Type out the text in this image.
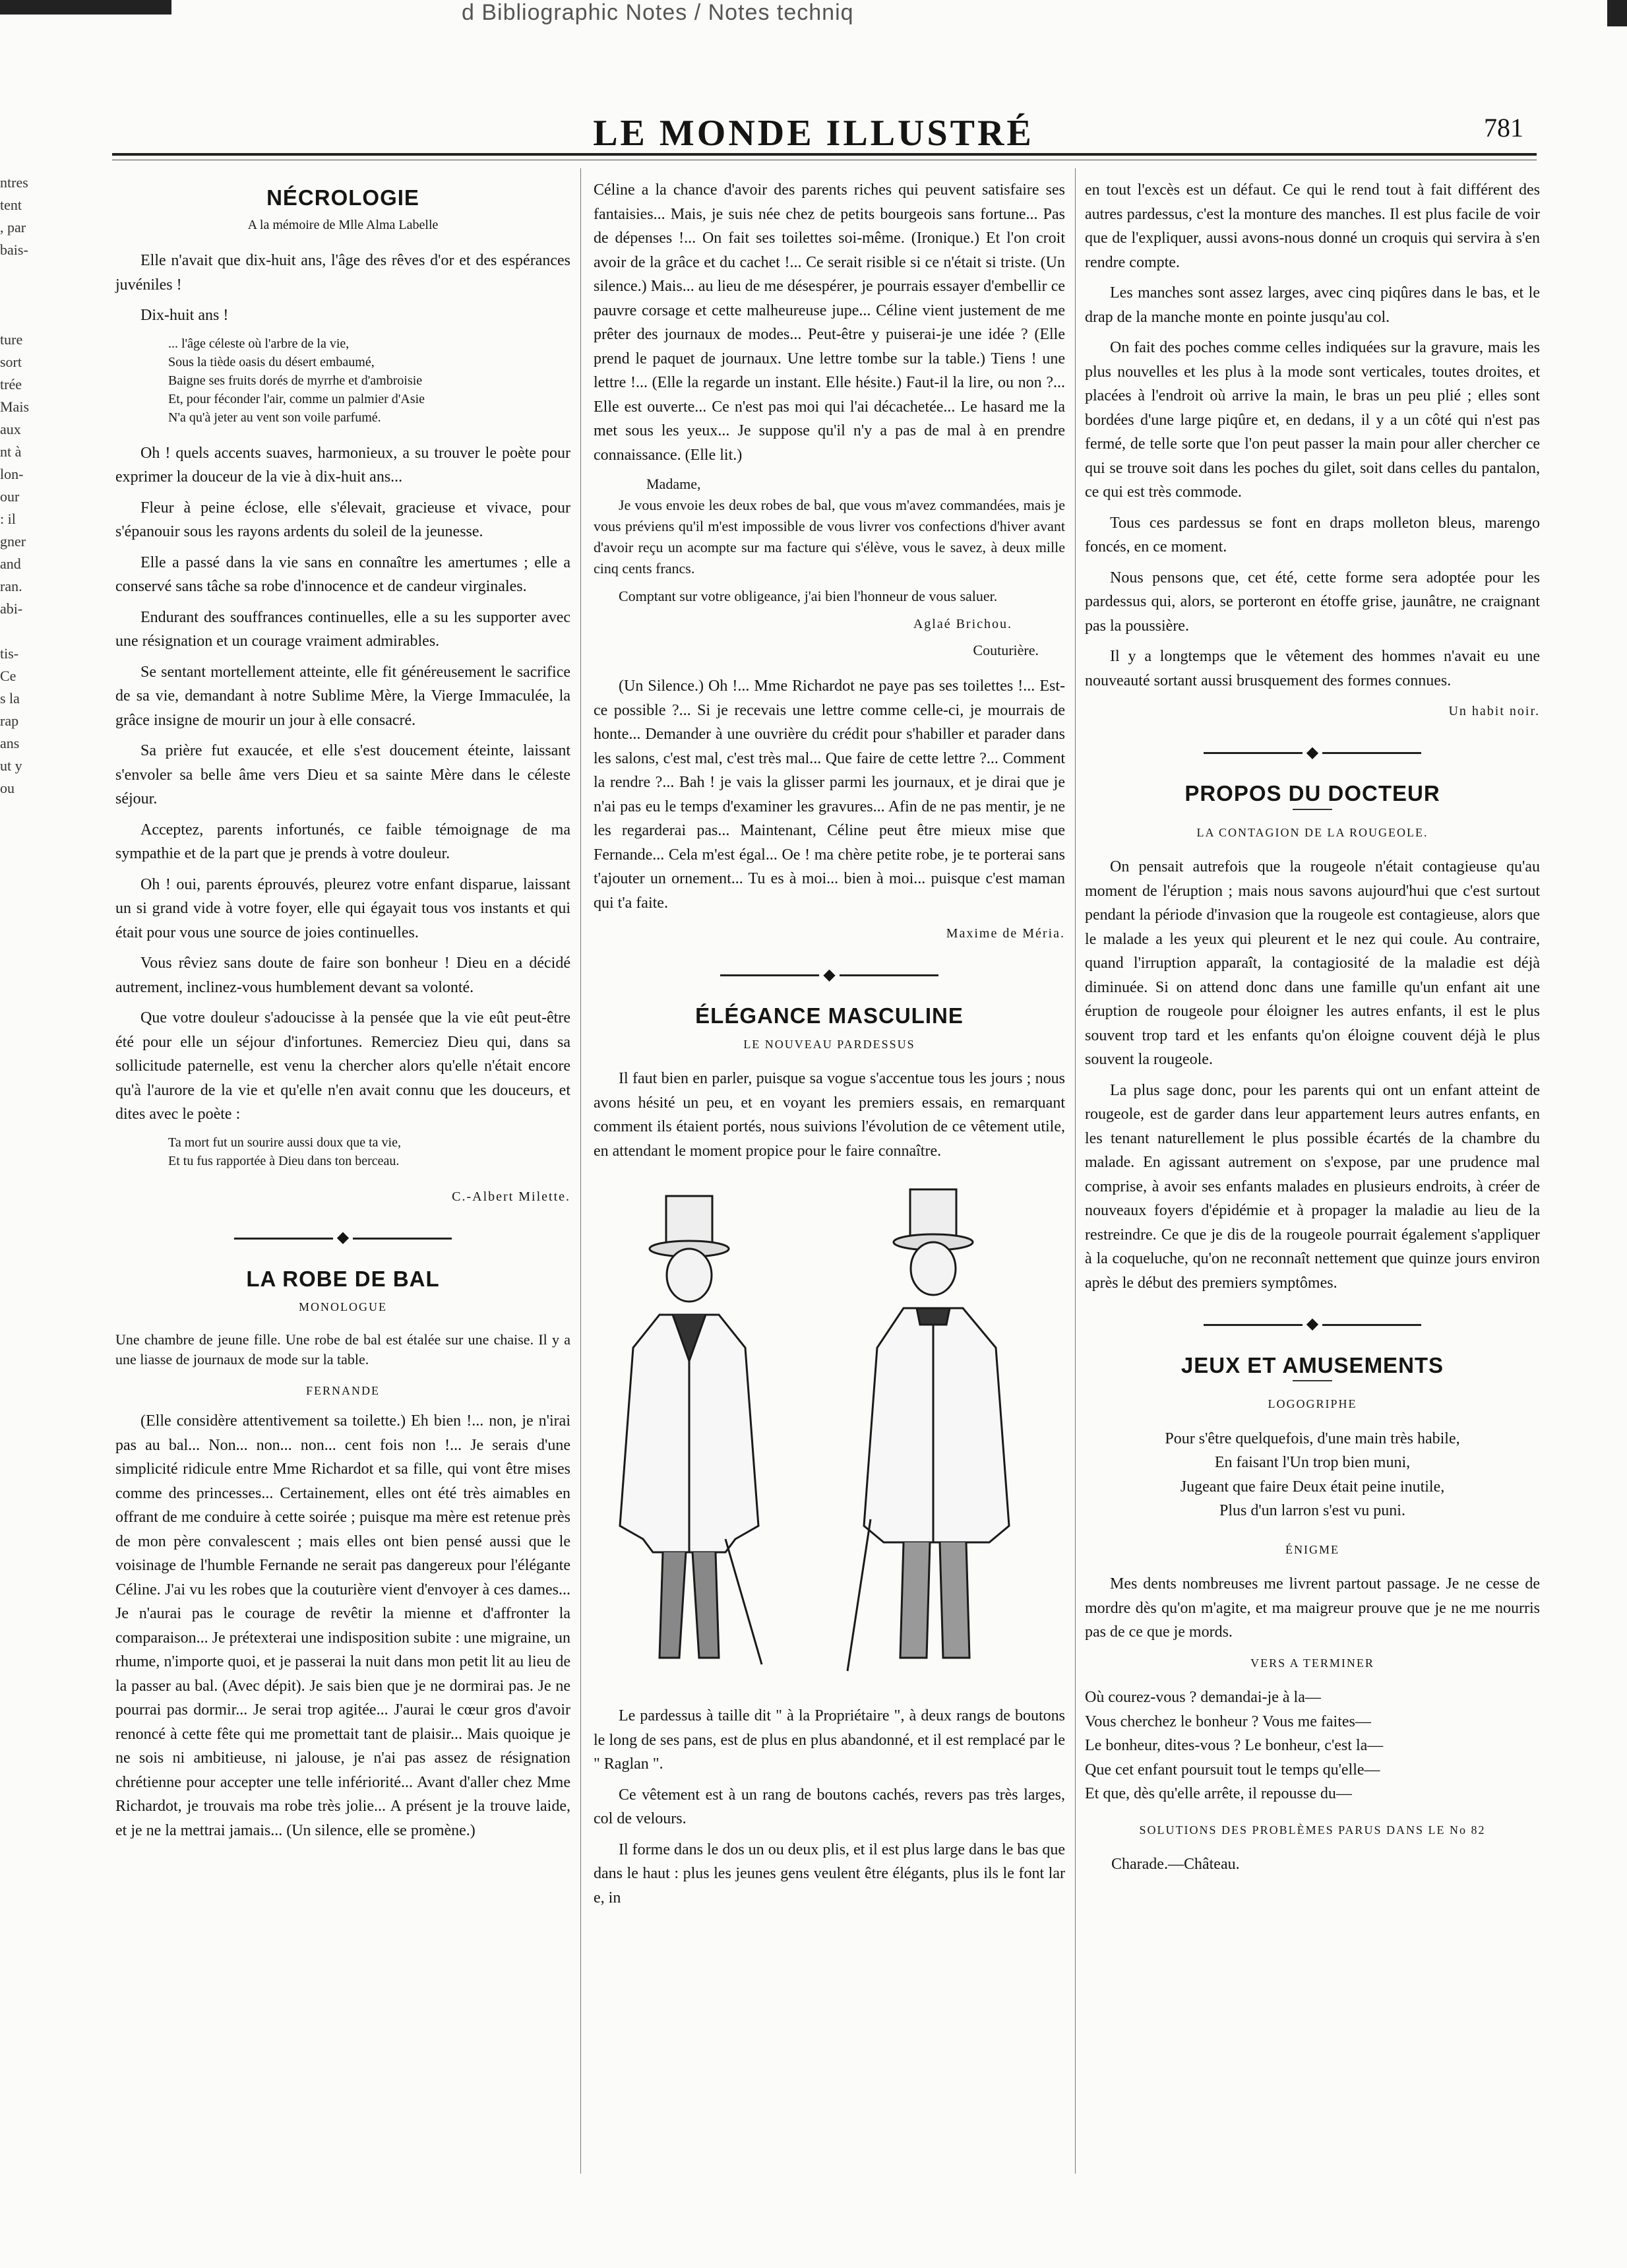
d Bibliographic Notes / Notes techniq
ntres
tent
, par
bais-

ture
sort
trée
Mais
aux
nt à
lon-
our
: il
gner
and
ran.
abi-

tis-
Ce
s la
rap
ans
ut y
ou
LE MONDE ILLUSTRÉ	781
NÉCROLOGIE
A la mémoire de Mlle Alma Labelle

Elle n'avait que dix-huit ans, l'âge des rêves d'or et des espérances juvéniles !

Dix-huit ans !

... l'âge céleste où l'arbre de la vie,
Sous la tiède oasis du désert embaumé,
Baigne ses fruits dorés de myrrhe et d'ambroisie
Et, pour féconder l'air, comme un palmier d'Asie
N'a qu'à jeter au vent son voile parfumé.

Oh ! quels accents suaves, harmonieux, a su trouver le poète pour exprimer la douceur de la vie à dix-huit ans...

Fleur à peine éclose, elle s'élevait, gracieuse et vivace, pour s'épanouir sous les rayons ardents du soleil de la jeunesse.

Elle a passé dans la vie sans en connaître les amertumes ; elle a conservé sans tâche sa robe d'innocence et de candeur virginales.

Endurant des souffrances continuelles, elle a su les supporter avec une résignation et un courage vraiment admirables.

Se sentant mortellement atteinte, elle fit généreusement le sacrifice de sa vie, demandant à notre Sublime Mère, la Vierge Immaculée, la grâce insigne de mourir un jour à elle consacré.

Sa prière fut exaucée, et elle s'est doucement éteinte, laissant s'envoler sa belle âme vers Dieu et sa sainte Mère dans le céleste séjour.

Acceptez, parents infortunés, ce faible témoignage de ma sympathie et de la part que je prends à votre douleur.

Oh ! oui, parents éprouvés, pleurez votre enfant disparue, laissant un si grand vide à votre foyer, elle qui égayait tous vos instants et qui était pour vous une source de joies continuelles.

Vous rêviez sans doute de faire son bonheur ! Dieu en a décidé autrement, inclinez-vous humblement devant sa volonté.

Que votre douleur s'adoucisse à la pensée que la vie eût peut-être été pour elle un séjour d'infortunes. Remerciez Dieu qui, dans sa sollicitude paternelle, est venu la chercher alors qu'elle n'était encore qu'à l'aurore de la vie et qu'elle n'en avait connu que les douceurs, et dites avec le poète :

Ta mort fut un sourire aussi doux que ta vie,
Et tu fus rapportée à Dieu dans ton berceau.
C.-Albert Milette.
◆
LA ROBE DE BAL
MONOLOGUE
Une chambre de jeune fille. Une robe de bal est étalée sur une chaise. Il y a une liasse de journaux de mode sur la table.
FERNANDE

(Elle considère attentivement sa toilette.) Eh bien !... non, je n'irai pas au bal... Non... non... non... cent fois non !... Je serais d'une simplicité ridicule entre Mme Richardot et sa fille, qui vont être mises comme des princesses... Certainement, elles ont été très aimables en offrant de me conduire à cette soirée ; puisque ma mère est retenue près de mon père convalescent ; mais elles ont bien pensé aussi que le voisinage de l'humble Fernande ne serait pas dangereux pour l'élégante Céline. J'ai vu les robes que la couturière vient d'envoyer à ces dames... Je n'aurai pas le courage de revêtir la mienne et d'affronter la comparaison... Je prétexterai une indisposition subite : une migraine, un rhume, n'importe quoi, et je passerai la nuit dans mon petit lit au lieu de la passer au bal. (Avec dépit). Je sais bien que je ne dormirai pas. Je ne pourrai pas dormir... Je serai trop agitée... J'aurai le cœur gros d'avoir renoncé à cette fête qui me promettait tant de plaisir... Mais quoique je ne sois ni ambitieuse, ni jalouse, je n'ai pas assez de résignation chrétienne pour accepter une telle infériorité... Avant d'aller chez Mme Richardot, je trouvais ma robe très jolie... A présent je la trouve laide, et je ne la mettrai jamais... (Un silence, elle se promène.)

Céline a la chance d'avoir des parents riches qui peuvent satisfaire ses fantaisies... Mais, je suis née chez de petits bourgeois sans fortune... Pas de dépenses !... On fait ses toilettes soi-même. (Ironique.) Et l'on croit avoir de la grâce et du cachet !... Ce serait risible si ce n'était si triste. (Un silence.) Mais... au lieu de me désespérer, je pourrais essayer d'embellir ce pauvre corsage et cette malheureuse jupe... Céline vient justement de me prêter des journaux de modes... Peut-être y puiserai-je une idée ? (Elle prend le paquet de journaux. Une lettre tombe sur la table.) Tiens ! une lettre !... (Elle la regarde un instant. Elle hésite.) Faut-il la lire, ou non ?... Elle est ouverte... Ce n'est pas moi qui l'ai décachetée... Le hasard me la met sous les yeux... Je suppose qu'il n'y a pas de mal à en prendre connaissance. (Elle lit.)

Madame,

Je vous envoie les deux robes de bal, que vous m'avez commandées, mais je vous préviens qu'il m'est impossible de vous livrer vos confections d'hiver avant d'avoir reçu un acompte sur ma facture qui s'élève, vous le savez, à deux mille cinq cents francs.

Comptant sur votre obligeance, j'ai bien l'honneur de vous saluer.

Aglaé Brichou.
Couturière.

(Un Silence.) Oh !... Mme Richardot ne paye pas ses toilettes !... Est-ce possible ?... Si je recevais une lettre comme celle-ci, je mourrais de honte... Demander à une ouvrière du crédit pour s'habiller et parader dans les salons, c'est mal, c'est très mal... Que faire de cette lettre ?... Comment la rendre ?... Bah ! je vais la glisser parmi les journaux, et je dirai que je n'ai pas eu le temps d'examiner les gravures... Afin de ne pas mentir, je ne les regarderai pas... Maintenant, Céline peut être mieux mise que Fernande... Cela m'est égal... Oe ! ma chère petite robe, je te porterai sans t'ajouter un ornement... Tu es à moi... bien à moi... puisque c'est maman qui t'a faite.

Maxime de Méria.
◆
ÉLÉGANCE MASCULINE
LE NOUVEAU PARDESSUS

Il faut bien en parler, puisque sa vogue s'accentue tous les jours ; nous avons hésité un peu, et en voyant les premiers essais, en remarquant comment ils étaient portés, nous suivions l'évolution de ce vêtement utile, en attendant le moment propice pour le faire connaître.

Le pardessus à taille dit " à la Propriétaire ", à deux rangs de boutons le long de ses pans, est de plus en plus abandonné, et il est remplacé par le " Raglan ".

Ce vêtement est à un rang de boutons cachés, revers pas très larges, col de velours.

Il forme dans le dos un ou deux plis, et il est plus large dans le bas que dans le haut : plus les jeunes gens veulent être élégants, plus ils le font lar e, in

en tout l'excès est un défaut. Ce qui le rend tout à fait différent des autres pardessus, c'est la monture des manches. Il est plus facile de voir que de l'expliquer, aussi avons-nous donné un croquis qui servira à s'en rendre compte.

Les manches sont assez larges, avec cinq piqûres dans le bas, et le drap de la manche monte en pointe jusqu'au col.

On fait des poches comme celles indiquées sur la gravure, mais les plus nouvelles et les plus à la mode sont verticales, toutes droites, et placées à l'endroit où arrive la main, le bras un peu plié ; elles sont bordées d'une large piqûre et, en dedans, il y a un côté qui n'est pas fermé, de telle sorte que l'on peut passer la main pour aller chercher ce qui se trouve soit dans les poches du gilet, soit dans celles du pantalon, ce qui est très commode.

Tous ces pardessus se font en draps molleton bleus, marengo foncés, en ce moment.

Nous pensons que, cet été, cette forme sera adoptée pour les pardessus qui, alors, se porteront en étoffe grise, jaunâtre, ne craignant pas la poussière.

Il y a longtemps que le vêtement des hommes n'avait eu une nouveauté sortant aussi brusquement des formes connues.

Un habit noir.
◆
PROPOS DU DOCTEUR
LA CONTAGION DE LA ROUGEOLE.

On pensait autrefois que la rougeole n'était contagieuse qu'au moment de l'éruption ; mais nous savons aujourd'hui que c'est surtout pendant la période d'invasion que la rougeole est contagieuse, alors que le malade a les yeux qui pleurent et le nez qui coule. Au contraire, quand l'irruption apparaît, la contagiosité de la maladie est déjà diminuée. Si on attend donc dans une famille qu'un enfant ait une éruption de rougeole pour éloigner les autres enfants, il est le plus souvent trop tard et les enfants qu'on éloigne couvent déjà le plus souvent la rougeole.

La plus sage donc, pour les parents qui ont un enfant atteint de rougeole, est de garder dans leur appartement leurs autres enfants, en les tenant naturellement le plus possible écartés de la chambre du malade. En agissant autrement on s'expose, par une prudence mal comprise, à avoir ses enfants malades en plusieurs endroits, à créer de nouveaux foyers d'épidémie et à propager la maladie au lieu de la restreindre. Ce que je dis de la rougeole pourrait également s'appliquer à la coqueluche, qu'on ne reconnaît nettement que quinze jours environ après le début des premiers symptômes.

◆
JEUX ET AMUSEMENTS
LOGOGRIPHE
Pour s'être quelquefois, d'une main très habile,
En faisant l'Un trop bien muni,
Jugeant que faire Deux était peine inutile,
Plus d'un larron s'est vu puni.
ÉNIGME

Mes dents nombreuses me livrent partout passage. Je ne cesse de mordre dès qu'on m'agite, et ma maigreur prouve que je ne me nourris pas de ce que je mords.

VERS A TERMINER
Où courez-vous ? demandai-je à la—
Vous cherchez le bonheur ? Vous me faites—
Le bonheur, dites-vous ? Le bonheur, c'est la—
Que cet enfant poursuit tout le temps qu'elle—
Et que, dès qu'elle arrête, il repousse du—
SOLUTIONS DES PROBLÈMES PARUS DANS LE No 82
Charade.—Château.
